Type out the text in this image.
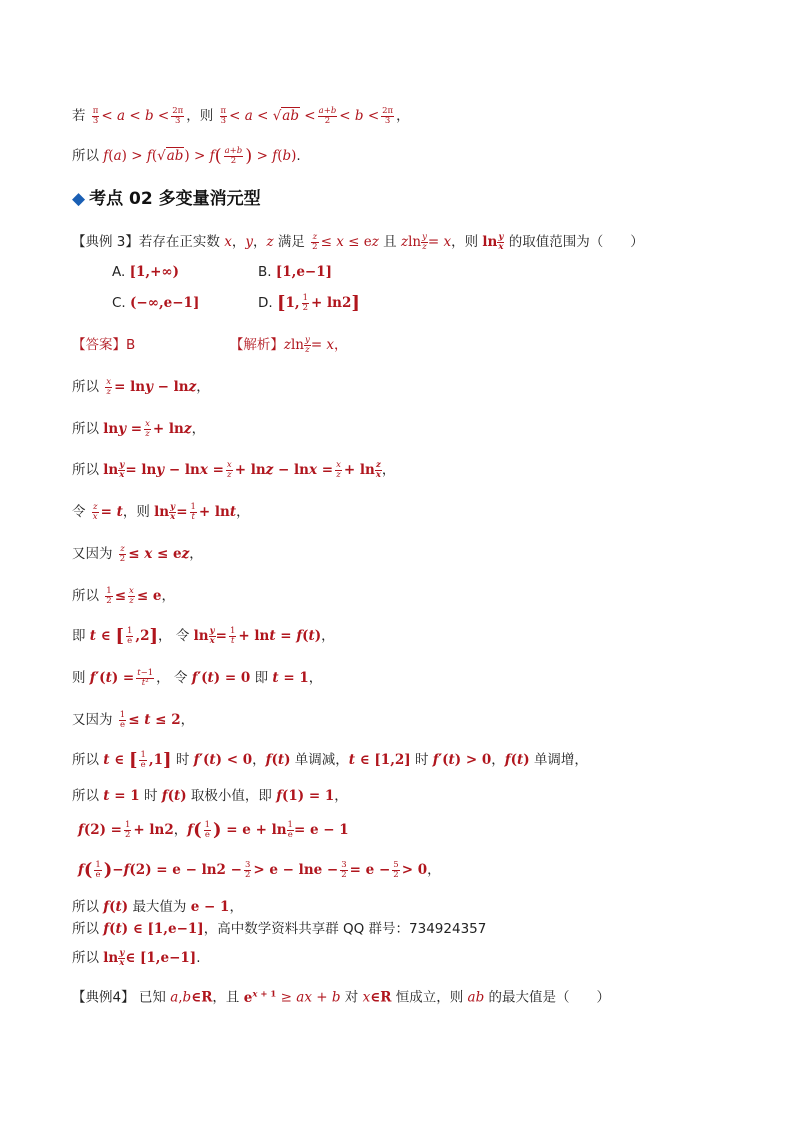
若 $\frac{\pi}{3} < a < b < \frac{2\pi}{3}$ ，则 $\frac{\pi}{3} < a < √ab < \frac{a+b}{2} < b < \frac{2\pi}{3}$ ，
所以 $f(a) > f(√ab) > f( \frac{a+b}{2}$ ) > f(b).
◆ 考点 02 多变量消元型
【典例 3】若存在正实数 x，y，z 满足 $\frac{z}{2} \le x$ ≤ ez 且 zln $\frac{y}{z} = x$，则 $\ln \frac{y}{x}$ 的取值范围为（　　）
A. [1,+∞)	B. [1,e−1]
C. (−∞,e−1]	D. [1, $\frac{1}{2} + \ln 2$]
【答案】B	【解析】zln $\frac{y}{z} = x$，
所以 $\frac{x}{z} = \ln y - \ln z$，
所以 $\ln y = \frac{x}{z} + \ln z$，
所以 $\ln \frac{y}{x} = \ln y - \ln x = \frac{x}{z} + \ln z - \ln x = \frac{x}{z} + \ln \frac{z}{x}$ ，
令 $\frac{z}{x} = t$，则 $\ln \frac{y}{x} = \frac{1}{t} + \ln t$，
又因为 $\frac{z}{2} \le x$ ≤ ez，
所以 $\frac{1}{2} \le \frac{x}{z} \le e$，
即 t ∈ [ $\frac{1}{e} ,2$]， 令 $\ln \frac{y}{x} = \frac{1}{t} + \ln t = f(t)$，
则 $f'(t) = \frac{t-1}{\text{t²}}$ ， 令 f′(t) = 0 即 t = 1，
又因为 $\frac{1}{e} \le t \le 2$，
所以 t ∈ [ $\frac{1}{e} ,1$] 时 f′(t) < 0，f(t) 单调减，t ∈ [1,2] 时 f′(t) > 0，f(t) 单调增，
所以 t = 1 时 f(t) 取极小值，即 f(1) = 1，
$f(2) = \frac{1}{2} + \ln 2$，$f( \frac{1}{e}$ ) = $e + \ln \frac{1}{e} = e - 1$
$f( \frac{1}{e} )-f(2) = e - \ln 2 - \frac{3}{2} > e - \ln e - \frac{3}{2} = e - \frac{5}{2} > 0$，
所以 f(t) 最大值为 e − 1，
所以 f(t) ∈ [1,e−1]，高中数学资料共享群 QQ 群号：734924357
所以 $\ln \frac{y}{x}$ ∈ [1,e−1].
【典例4】 已知 a,b∈R，且 $e^{x + 1}$ ≥ ax + b 对 x∈R 恒成立，则 ab 的最大值是（　　）
